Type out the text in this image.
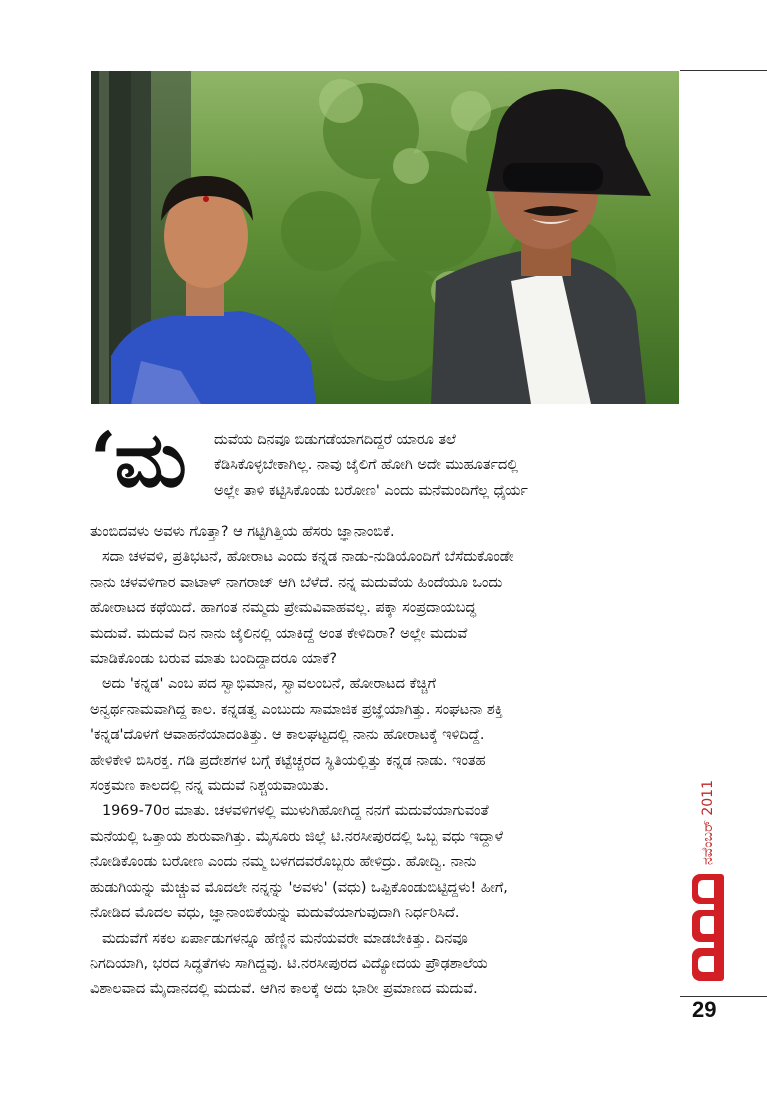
‘ಮ ದುವೆಯ ದಿನವೂ ಬಿಡುಗಡೆಯಾಗದಿದ್ದರೆ ಯಾರೂ ತಲೆ

ಕೆಡಿಸಿಕೊಳ್ಳಬೇಕಾಗಿಲ್ಲ. ನಾವು ಜೈಲಿಗೆ ಹೋಗಿ ಅದೇ ಮುಹೂರ್ತದಲ್ಲಿ

ಅಲ್ಲೇ ತಾಳಿ ಕಟ್ಟಿಸಿಕೊಂಡು ಬರೋಣ' ಎಂದು ಮನೆಮಂದಿಗೆಲ್ಲ ಧೈರ್ಯ

ತುಂಬಿದವಳು ಅವಳು ಗೊತ್ತಾ? ಆ ಗಟ್ಟಿಗಿತ್ತಿಯ ಹೆಸರು ಜ್ಞಾನಾಂಬಿಕೆ.

ಸದಾ ಚಳವಳಿ, ಪ್ರತಿಭಟನೆ, ಹೋರಾಟ ಎಂದು ಕನ್ನಡ ನಾಡು-ನುಡಿಯೊಂದಿಗೆ ಬೆಸೆದುಕೊಂಡೇ

ನಾನು ಚಳವಳಿಗಾರ ವಾಟಾಳ್ ನಾಗರಾಜ್ ಆಗಿ ಬೆಳೆದೆ. ನನ್ನ ಮದುವೆಯ ಹಿಂದೆಯೂ ಒಂದು

ಹೋರಾಟದ ಕಥೆಯಿದೆ. ಹಾಗಂತ ನಮ್ಮದು ಪ್ರೇಮವಿವಾಹವಲ್ಲ. ಪಕ್ಕಾ ಸಂಪ್ರದಾಯಬದ್ಧ

ಮದುವೆ. ಮದುವೆ ದಿನ ನಾನು ಜೈಲಿನಲ್ಲಿ ಯಾಕಿದ್ದೆ ಅಂತ ಕೇಳಿದಿರಾ? ಅಲ್ಲೇ ಮದುವೆ

ಮಾಡಿಕೊಂಡು ಬರುವ ಮಾತು ಬಂದಿದ್ದಾದರೂ ಯಾಕೆ?

ಅದು 'ಕನ್ನಡ' ಎಂಬ ಪದ ಸ್ವಾಭಿಮಾನ, ಸ್ವಾವಲಂಬನೆ, ಹೋರಾಟದ ಕೆಚ್ಚಿಗೆ

ಅನ್ವರ್ಥನಾಮವಾಗಿದ್ದ ಕಾಲ. ಕನ್ನಡತ್ವ ಎಂಬುದು ಸಾಮಾಜಿಕ ಪ್ರಜ್ಞೆಯಾಗಿತ್ತು. ಸಂಘಟನಾ ಶಕ್ತಿ

'ಕನ್ನಡ'ದೊಳಗೆ ಆವಾಹನೆಯಾದಂತಿತ್ತು. ಆ ಕಾಲಘಟ್ಟದಲ್ಲಿ ನಾನು ಹೋರಾಟಕ್ಕೆ ಇಳಿದಿದ್ದೆ.

ಹೇಳಿಕೇಳಿ ಬಿಸಿರಕ್ತ. ಗಡಿ ಪ್ರದೇಶಗಳ ಬಗ್ಗೆ ಕಟ್ಟೆಚ್ಚರದ ಸ್ಥಿತಿಯಲ್ಲಿತ್ತು ಕನ್ನಡ ನಾಡು. ಇಂತಹ

ಸಂಕ್ರಮಣ ಕಾಲದಲ್ಲಿ ನನ್ನ ಮದುವೆ ನಿಶ್ಚಯವಾಯಿತು.

1969-70ರ ಮಾತು. ಚಳವಳಿಗಳಲ್ಲಿ ಮುಳುಗಿಹೋಗಿದ್ದ ನನಗೆ ಮದುವೆಯಾಗುವಂತೆ

ಮನೆಯಲ್ಲಿ ಒತ್ತಾಯ ಶುರುವಾಗಿತ್ತು. ಮೈಸೂರು ಜಿಲ್ಲೆ ಟಿ.ನರಸೀಪುರದಲ್ಲಿ ಒಬ್ಬ ವಧು ಇದ್ದಾಳೆ

ನೋಡಿಕೊಂಡು ಬರೋಣ ಎಂದು ನಮ್ಮ ಬಳಗದವರೊಬ್ಬರು ಹೇಳಿದ್ರು. ಹೋದ್ವಿ. ನಾನು

ಹುಡುಗಿಯನ್ನು ಮೆಚ್ಚುವ ಮೊದಲೇ ನನ್ನನ್ನು 'ಅವಳು' (ವಧು) ಒಪ್ಪಿಕೊಂಡುಬಿಟ್ಟಿದ್ದಳು! ಹೀಗೆ,

ನೋಡಿದ ಮೊದಲ ವಧು, ಜ್ಞಾನಾಂಬಿಕೆಯನ್ನು ಮದುವೆಯಾಗುವುದಾಗಿ ನಿರ್ಧರಿಸಿದೆ.

ಮದುವೆಗೆ ಸಕಲ ಏರ್ಪಾಡುಗಳನ್ನೂ ಹೆಣ್ಣಿನ ಮನೆಯವರೇ ಮಾಡಬೇಕಿತ್ತು. ದಿನವೂ

ನಿಗದಿಯಾಗಿ, ಭರದ ಸಿದ್ಧತೆಗಳು ಸಾಗಿದ್ದವು. ಟಿ.ನರಸೀಪುರದ ವಿದ್ಯೋದಯ ಪ್ರೌಢಶಾಲೆಯ

ವಿಶಾಲವಾದ ಮೈದಾನದಲ್ಲಿ ಮದುವೆ. ಆಗಿನ ಕಾಲಕ್ಕೆ ಅದು ಭಾರೀ ಪ್ರಮಾಣದ ಮದುವೆ.

ನವೆಂಬರ್ 2011
29
